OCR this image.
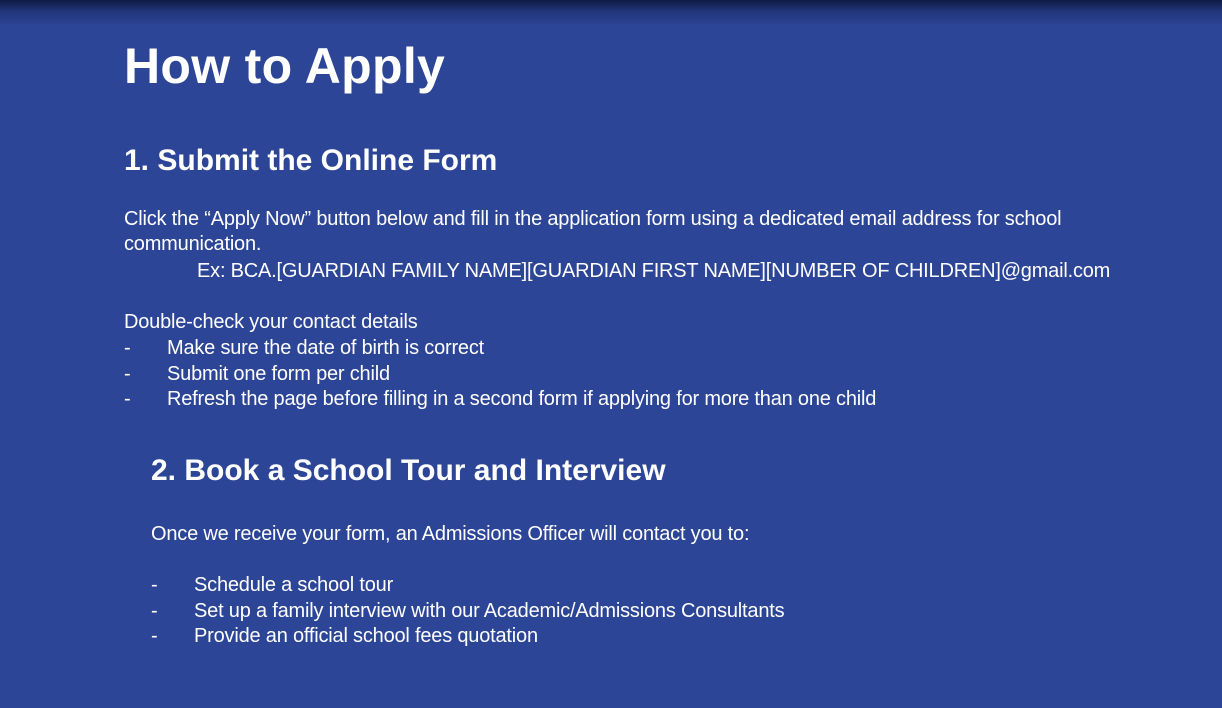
How to Apply
1. Submit the Online Form

Click the “Apply Now” button below and fill in the application form using a dedicated email address for school communication.

Ex: BCA.[GUARDIAN FAMILY NAME][GUARDIAN FIRST NAME][NUMBER OF CHILDREN]@gmail.com

Double-check your contact details

- Make sure the date of birth is correct
- Submit one form per child
- Refresh the page before filling in a second form if applying for more than one child
2. Book a School Tour and Interview

Once we receive your form, an Admissions Officer will contact you to:

- Schedule a school tour
- Set up a family interview with our Academic/Admissions Consultants
- Provide an official school fees quotation
